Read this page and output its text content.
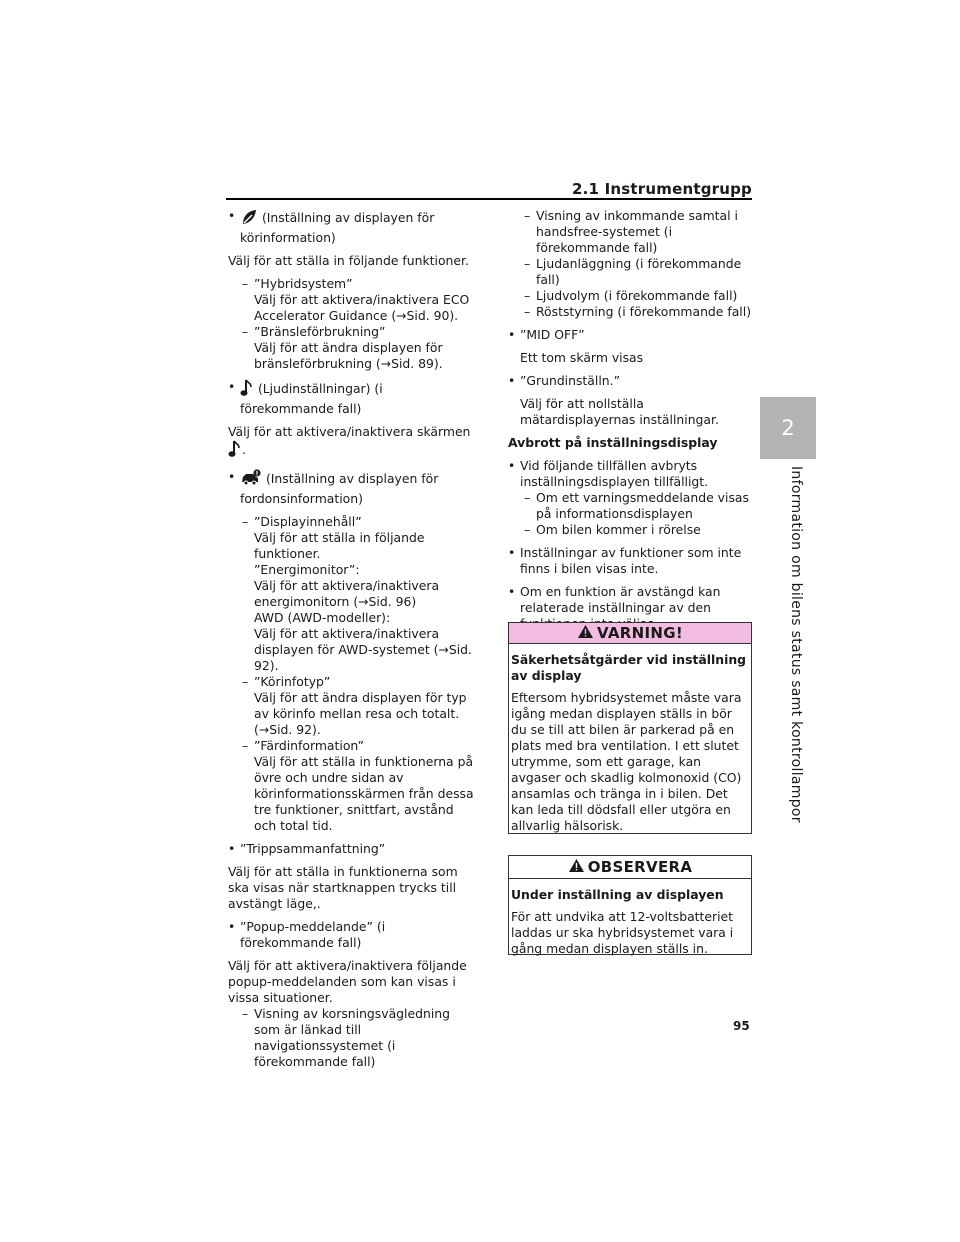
2.1 Instrumentgrupp
2
Information om bilens status samt kontrollampor
95
• (Inställning av displayen för körinformation)
Välj för att ställa in följande funktioner.
– ”Hybridsystem”
Välj för att aktivera/inaktivera ECO Accelerator Guidance (→Sid. 90).
– ”Bränsleförbrukning”
Välj för att ändra displayen för bränsleförbrukning (→Sid. 89).
• (Ljudinställningar) (i förekommande fall)
Välj för att aktivera/inaktivera skärmen .
• (Inställning av displayen för fordonsinformation)
– ”Displayinnehåll”
Välj för att ställa in följande funktioner.
”Energimonitor”:
Välj för att aktivera/inaktivera energimonitorn (→Sid. 96)
AWD (AWD-modeller):
Välj för att aktivera/inaktivera displayen för AWD-systemet (→Sid. 92).
– ”Körinfotyp”
Välj för att ändra displayen för typ av körinfo mellan resa och totalt. (→Sid. 92).
– ”Färdinformation”
Välj för att ställa in funktionerna på övre och undre sidan av körinformationsskärmen från dessa tre funktioner, snittfart, avstånd och total tid.
• ”Trippsammanfattning”
Välj för att ställa in funktionerna som ska visas när startknappen trycks till avstängt läge,.
• ”Popup-meddelande” (i förekommande fall)
Välj för att aktivera/inaktivera följande popup-meddelanden som kan visas i vissa situationer.
– Visning av korsningsvägledning som är länkad till navigationssystemet (i förekommande fall)
– Visning av inkommande samtal i handsfree-systemet (i förekommande fall)
– Ljudanläggning (i förekommande fall)
– Ljudvolym (i förekommande fall)
– Röststyrning (i förekommande fall)
• ”MID OFF”
Ett tom skärm visas
• ”Grundinställn.”
Välj för att nollställa mätardisplayernas inställningar.
Avbrott på inställningsdisplay
• Vid följande tillfällen avbryts inställningsdisplayen tillfälligt.
– Om ett varningsmeddelande visas på informationsdisplayen
– Om bilen kommer i rörelse
• Inställningar av funktioner som inte finns i bilen visas inte.
• Om en funktion är avstängd kan relaterade inställningar av den
VARNING!
Säkerhetsåtgärder vid inställning av display
Eftersom hybridsystemet måste vara igång medan displayen ställs in bör du se till att bilen är parkerad på en plats med bra ventilation. I ett slutet utrymme, som ett garage, kan avgaser och skadlig kolmonoxid (CO) ansamlas och tränga in i bilen. Det kan leda till dödsfall eller utgöra en allvarlig hälsorisk.
OBSERVERA
Under inställning av displayen
För att undvika att 12-voltsbatteriet laddas ur ska hybridsystemet vara i gång medan displayen ställs in.
